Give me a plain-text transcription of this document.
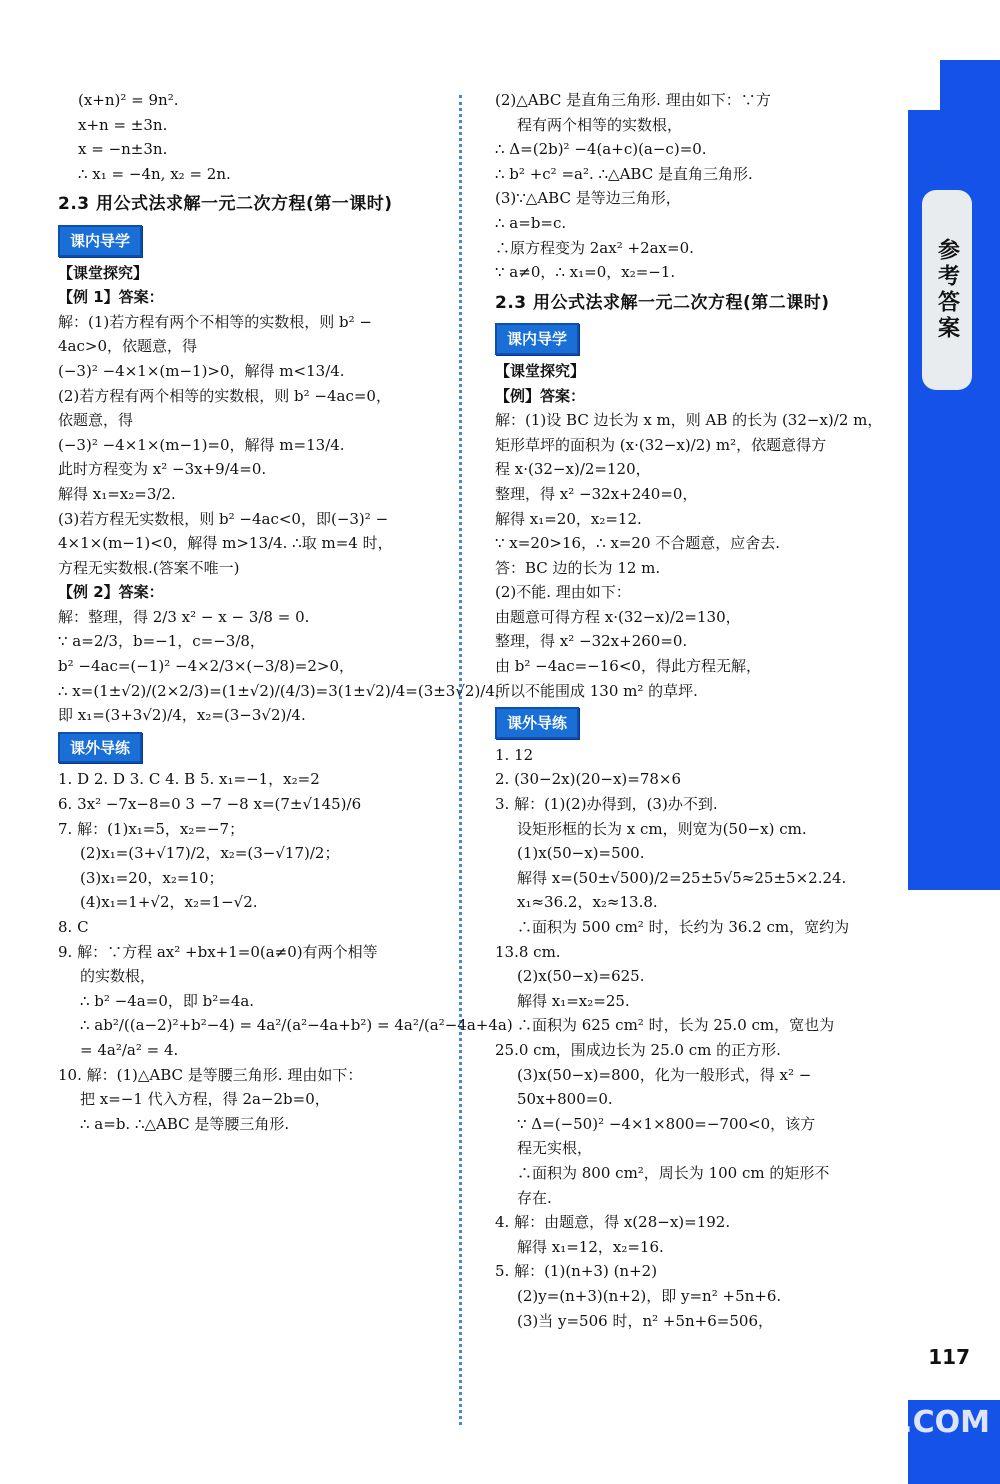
参考答案
117
答案圈 MXQE.COM
(x+n)² = 9n².
x+n = ±3n.
x = −n±3n.
∴ x₁ = −4n, x₂ = 2n.
2.3 用公式法求解一元二次方程(第一课时)
课内导学
【课堂探究】
【例 1】答案：
解：(1)若方程有两个不相等的实数根，则 b² −
4ac>0，依题意，得
(−3)² −4×1×(m−1)>0，解得 m<13/4.
(2)若方程有两个相等的实数根，则 b² −4ac=0，
依题意，得
(−3)² −4×1×(m−1)=0，解得 m=13/4.
此时方程变为 x² −3x+9/4=0.
解得 x₁=x₂=3/2.
(3)若方程无实数根，则 b² −4ac<0，即(−3)² −
4×1×(m−1)<0，解得 m>13/4. ∴取 m=4 时，
方程无实数根.(答案不唯一)
【例 2】答案：
解：整理，得 2/3 x² − x − 3/8 = 0.
∵ a=2/3，b=−1，c=−3/8，
b² −4ac=(−1)² −4×2/3×(−3/8)=2>0，
∴ x=(1±√2)/(2×2/3)=(1±√2)/(4/3)=3(1±√2)/4=(3±3√2)/4，
即 x₁=(3+3√2)/4，x₂=(3−3√2)/4.
课外导练
1. D 2. D 3. C 4. B 5. x₁=−1，x₂=2
6. 3x² −7x−8=0 3 −7 −8 x=(7±√145)/6
7. 解：(1)x₁=5，x₂=−7；
(2)x₁=(3+√17)/2，x₂=(3−√17)/2；
(3)x₁=20，x₂=10；
(4)x₁=1+√2，x₂=1−√2.
8. C
9. 解：∵方程 ax² +bx+1=0(a≠0)有两个相等
的实数根，
∴ b² −4a=0，即 b²=4a.
∴ ab²/((a−2)²+b²−4) = 4a²/(a²−4a+b²) = 4a²/(a²−4a+4a)
= 4a²/a² = 4.
10. 解：(1)△ABC 是等腰三角形. 理由如下：
把 x=−1 代入方程，得 2a−2b=0，
∴ a=b. ∴△ABC 是等腰三角形.
(2)△ABC 是直角三角形. 理由如下：∵方
程有两个相等的实数根，
∴ Δ=(2b)² −4(a+c)(a−c)=0.
∴ b² +c² =a². ∴△ABC 是直角三角形.
(3)∵△ABC 是等边三角形，
∴ a=b=c.
∴原方程变为 2ax² +2ax=0.
∵ a≠0，∴ x₁=0，x₂=−1.
2.3 用公式法求解一元二次方程(第二课时)
课内导学
【课堂探究】
【例】答案：
解：(1)设 BC 边长为 x m，则 AB 的长为 (32−x)/2 m，
矩形草坪的面积为 (x·(32−x)/2) m²，依题意得方
程 x·(32−x)/2=120，
整理，得 x² −32x+240=0，
解得 x₁=20，x₂=12.
∵ x=20>16，∴ x=20 不合题意，应舍去.
答：BC 边的长为 12 m.
(2)不能. 理由如下：
由题意可得方程 x·(32−x)/2=130，
整理，得 x² −32x+260=0.
由 b² −4ac=−16<0，得此方程无解，
所以不能围成 130 m² 的草坪.
课外导练
1. 12
2. (30−2x)(20−x)=78×6
3. 解：(1)(2)办得到，(3)办不到.
设矩形框的长为 x cm，则宽为(50−x) cm.
(1)x(50−x)=500.
解得 x=(50±√500)/2=25±5√5≈25±5×2.24.
x₁≈36.2，x₂≈13.8.
∴面积为 500 cm² 时，长约为 36.2 cm，宽约为
13.8 cm.
(2)x(50−x)=625.
解得 x₁=x₂=25.
∴面积为 625 cm² 时，长为 25.0 cm，宽也为
25.0 cm，围成边长为 25.0 cm 的正方形.
(3)x(50−x)=800，化为一般形式，得 x² −
50x+800=0.
∵ Δ=(−50)² −4×1×800=−700<0，该方
程无实根，
∴面积为 800 cm²，周长为 100 cm 的矩形不
存在.
4. 解：由题意，得 x(28−x)=192.
解得 x₁=12，x₂=16.
5. 解：(1)(n+3) (n+2)
(2)y=(n+3)(n+2)，即 y=n² +5n+6.
(3)当 y=506 时，n² +5n+6=506，
